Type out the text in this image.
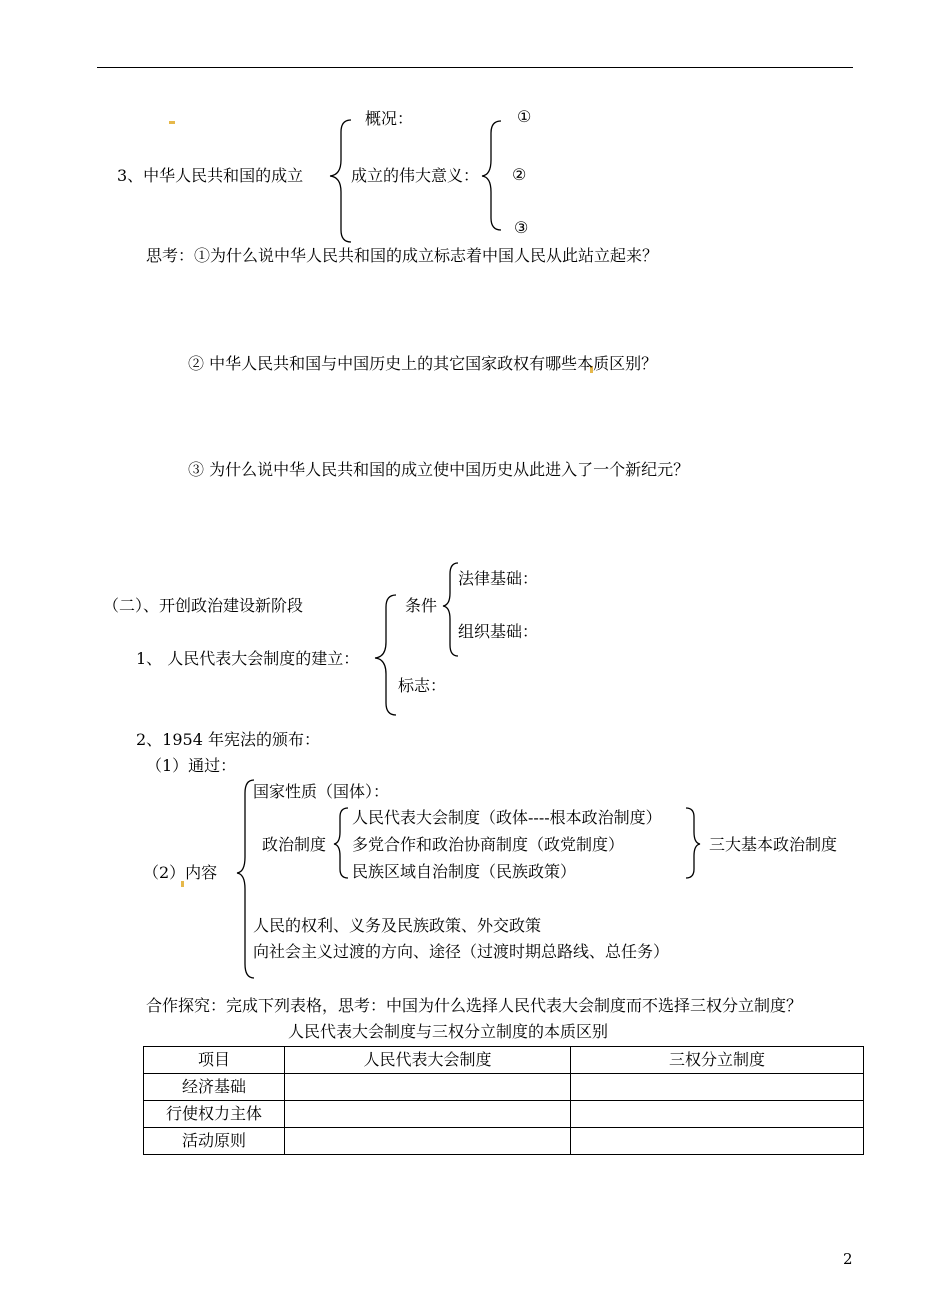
概况：	①
3、中华人民共和国的成立	成立的伟大意义： ②
③
思考：①为什么说中华人民共和国的成立标志着中国人民从此站立起来？
② 中华人民共和国与中国历史上的其它国家政权有哪些本质区别？
③ 为什么说中华人民共和国的成立使中国历史从此进入了一个新纪元？
法律基础：
（二）、开创政治建设新阶段	条件
组织基础：
1、 人民代表大会制度的建立：
标志：
2、1954 年宪法的颁布：
（1）通过：
国家性质（国体）：
人民代表大会制度（政体----根本政治制度）
政治制度 多党合作和政治协商制度（政党制度）	三大基本政治制度
（2）内容	民族区域自治制度（民族政策）
人民的权利、义务及民族政策、外交政策
向社会主义过渡的方向、途径（过渡时期总路线、总任务）
合作探究：完成下列表格，思考：中国为什么选择人民代表大会制度而不选择三权分立制度？
人民代表大会制度与三权分立制度的本质区别
项目	人民代表大会制度	三权分立制度
经济基础		
行使权力主体		
活动原则		
2
